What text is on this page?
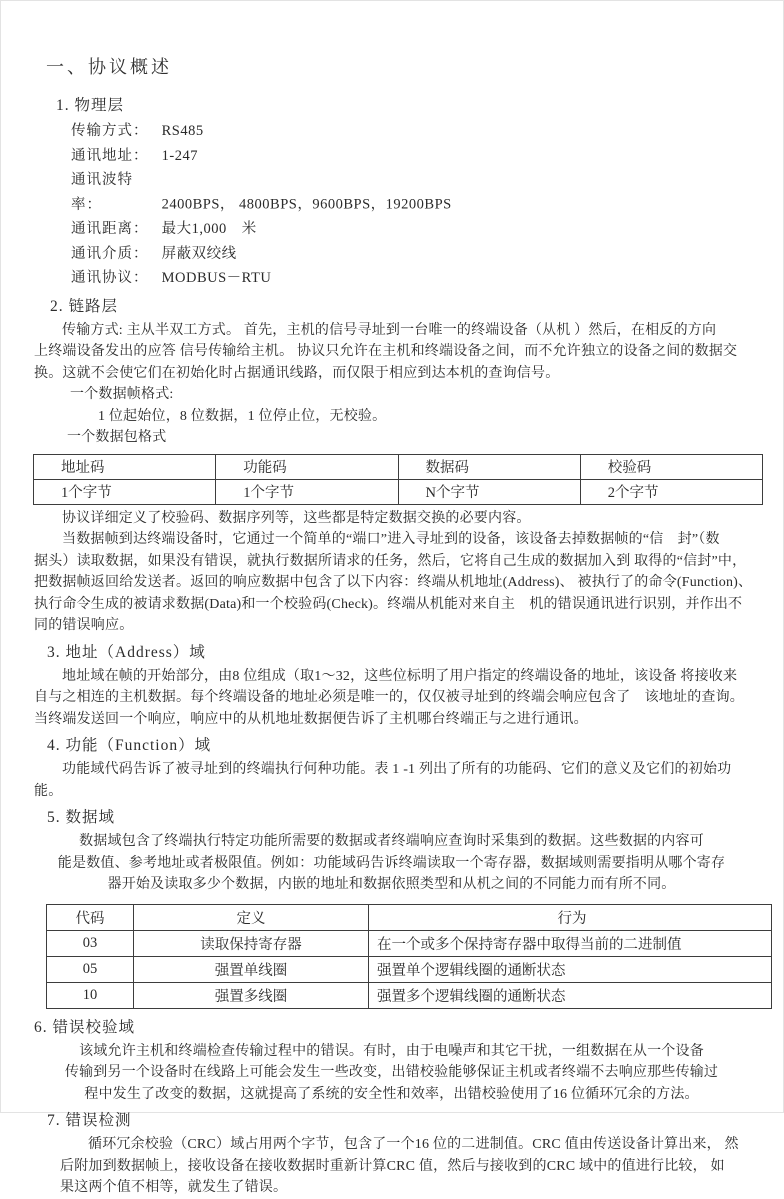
一、协议概述
1. 物理层
传输方式： RS485
通讯地址： 1-247
通讯波特率：	2400BPS， 4800BPS，9600BPS，19200BPS
通讯距离： 最大1,000　米
通讯介质： 屏蔽双绞线
通讯协议： MODBUS－RTU
2. 链路层
传输方式: 主从半双工方式。 首先，主机的信号寻址到一台唯一的终端设备（从机 ）然后，在相反的方向
上终端设备发出的应答 信号传输给主机。 协议只允许在主机和终端设备之间，而不允许独立的设备之间的数据交
换。这就不会使它们在初始化时占据通讯线路，而仅限于相应到达本机的查询信号。
一个数据帧格式:
1 位起始位，8 位数据，1 位停止位，无校验。
一个数据包格式
地址码	功能码	数据码	校验码
1个字节	1个字节	N个字节	2个字节
协议详细定义了校验码、数据序列等，这些都是特定数据交换的必要内容。
当数据帧到达终端设备时，它通过一个简单的“端口”进入寻址到的设备，该设备去掉数据帧的“信　封”（数
据头）读取数据，如果没有错误，就执行数据所请求的任务，然后，它将自己生成的数据加入到 取得的“信封”中，
把数据帧返回给发送者。返回的响应数据中包含了以下内容：终端从机地址(Address)、 被执行了的命令(Function)、
执行命令生成的被请求数据(Data)和一个校验码(Check)。终端从机能对来自主　机的错误通讯进行识别，并作出不
同的错误响应。
3. 地址（Address）域
地址域在帧的开始部分，由8 位组成（取1～32，这些位标明了用户指定的终端设备的地址，该设备 将接收来
自与之相连的主机数据。每个终端设备的地址必须是唯一的，仅仅被寻址到的终端会响应包含了　该地址的查询。
当终端发送回一个响应，响应中的从机地址数据便告诉了主机哪台终端正与之进行通讯。
4. 功能（Function）域
功能域代码告诉了被寻址到的终端执行何种功能。表 1 -1 列出了所有的功能码、它们的意义及它们的初始功
能。
5. 数据域
数据域包含了终端执行特定功能所需要的数据或者终端响应查询时采集到的数据。这些数据的内容可
能是数值、参考地址或者极限值。例如：功能域码告诉终端读取一个寄存器，数据域则需要指明从哪个寄存
器开始及读取多少个数据，内嵌的地址和数据依照类型和从机之间的不同能力而有所不同。
代码	定义	行为
03	读取保持寄存器	在一个或多个保持寄存器中取得当前的二进制值
05	强置单线圈	强置单个逻辑线圈的通断状态
10	强置多线圈	强置多个逻辑线圈的通断状态
6. 错误校验域
该域允许主机和终端检查传输过程中的错误。有时，由于电噪声和其它干扰，一组数据在从一个设备
传输到另一个设备时在线路上可能会发生一些改变，出错校验能够保证主机或者终端不去响应那些传输过
程中发生了改变的数据，这就提高了系统的安全性和效率，出错校验使用了16 位循环冗余的方法。
7. 错误检测
循环冗余校验（CRC）域占用两个字节，包含了一个16 位的二进制值。CRC 值由传送设备计算出来， 然
后附加到数据帧上，接收设备在接收数据时重新计算CRC 值，然后与接收到的CRC 域中的值进行比较， 如
果这两个值不相等，就发生了错误。
